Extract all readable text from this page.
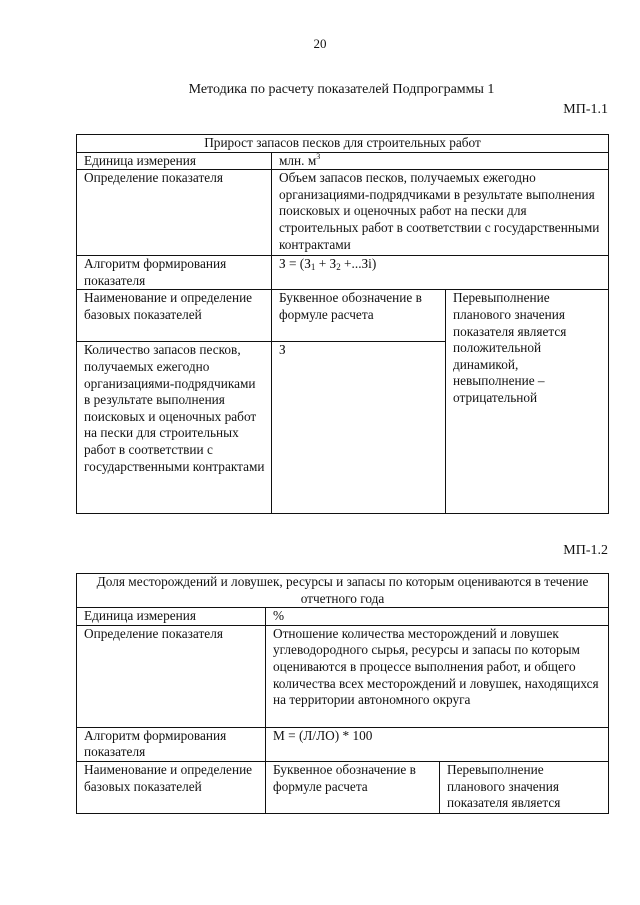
20
Методика по расчету показателей Подпрограммы 1
МП-1.1
Прирост запасов песков для строительных работ		
Единица измерения	млн. $м^3$
Определение показателя	Объем запасов песков, получаемых ежегодно организациями-подрядчиками в результате выполнения поисковых и оценочных работ на пески для строительных работ в соответствии с государственными контрактами	
Алгоритм формирования показателя	$З = (З_1 + З_2 +...Зi)$	
Наименование и определение базовых показателей	Буквенное обозначение в формуле расчета	Перевыполнение планового значения показателя является положительной динамикой, невыполнение – отрицательной
Количество запасов песков, получаемых ежегодно организациями-подрядчиками в результате выполнения поисковых и оценочных работ на пески для строительных работ в соответствии с государственными контрактами	З	
МП-1.2
Доля месторождений и ловушек, ресурсы и запасы по которым оцениваются в течение отчетного года		
Единица измерения	%	
Определение показателя	Отношение количества месторождений и ловушек углеводородного сырья, ресурсы и запасы по которым оцениваются в процессе выполнения работ, и общего количества всех месторождений и ловушек, находящихся на территории автономного округа	
Алгоритм формирования показателя	М = (Л/ЛО) * 100	
Наименование и определение базовых показателей	Буквенное обозначение в формуле расчета	Перевыполнение планового значения показателя является
